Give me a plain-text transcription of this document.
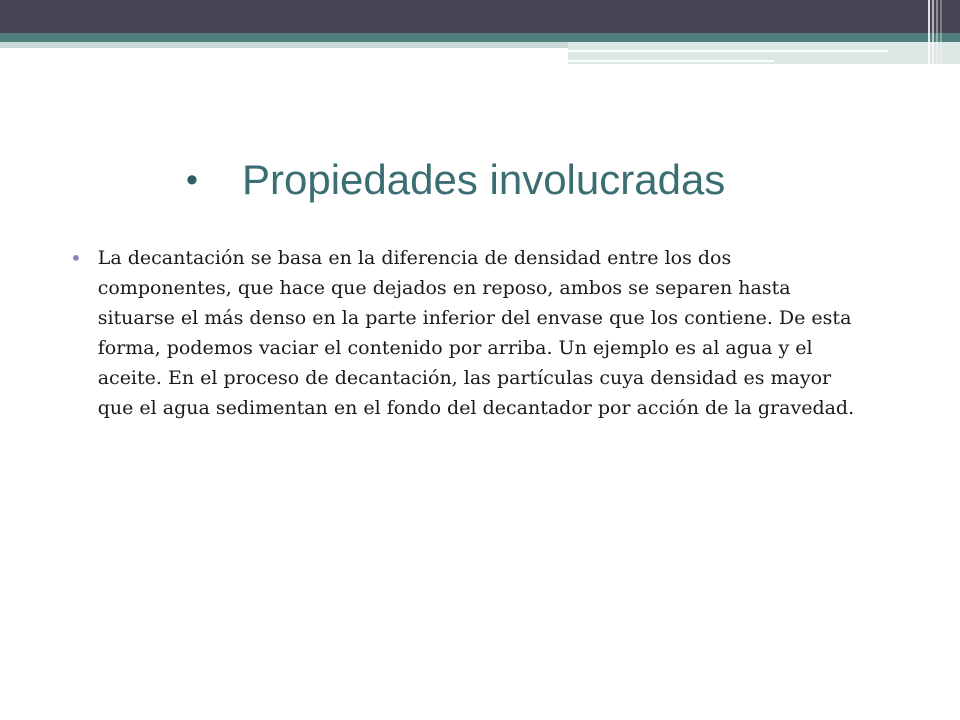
•	Propiedades involucradas
• La decantación se basa en la diferencia de densidad entre los dos componentes, que hace que dejados en reposo, ambos se separen hasta situarse el más denso en la parte inferior del envase que los contiene. De esta forma, podemos vaciar el contenido por arriba. Un ejemplo es al agua y el aceite. En el proceso de decantación, las partículas cuya densidad es mayor que el agua sedimentan en el fondo del decantador por acción de la gravedad.
